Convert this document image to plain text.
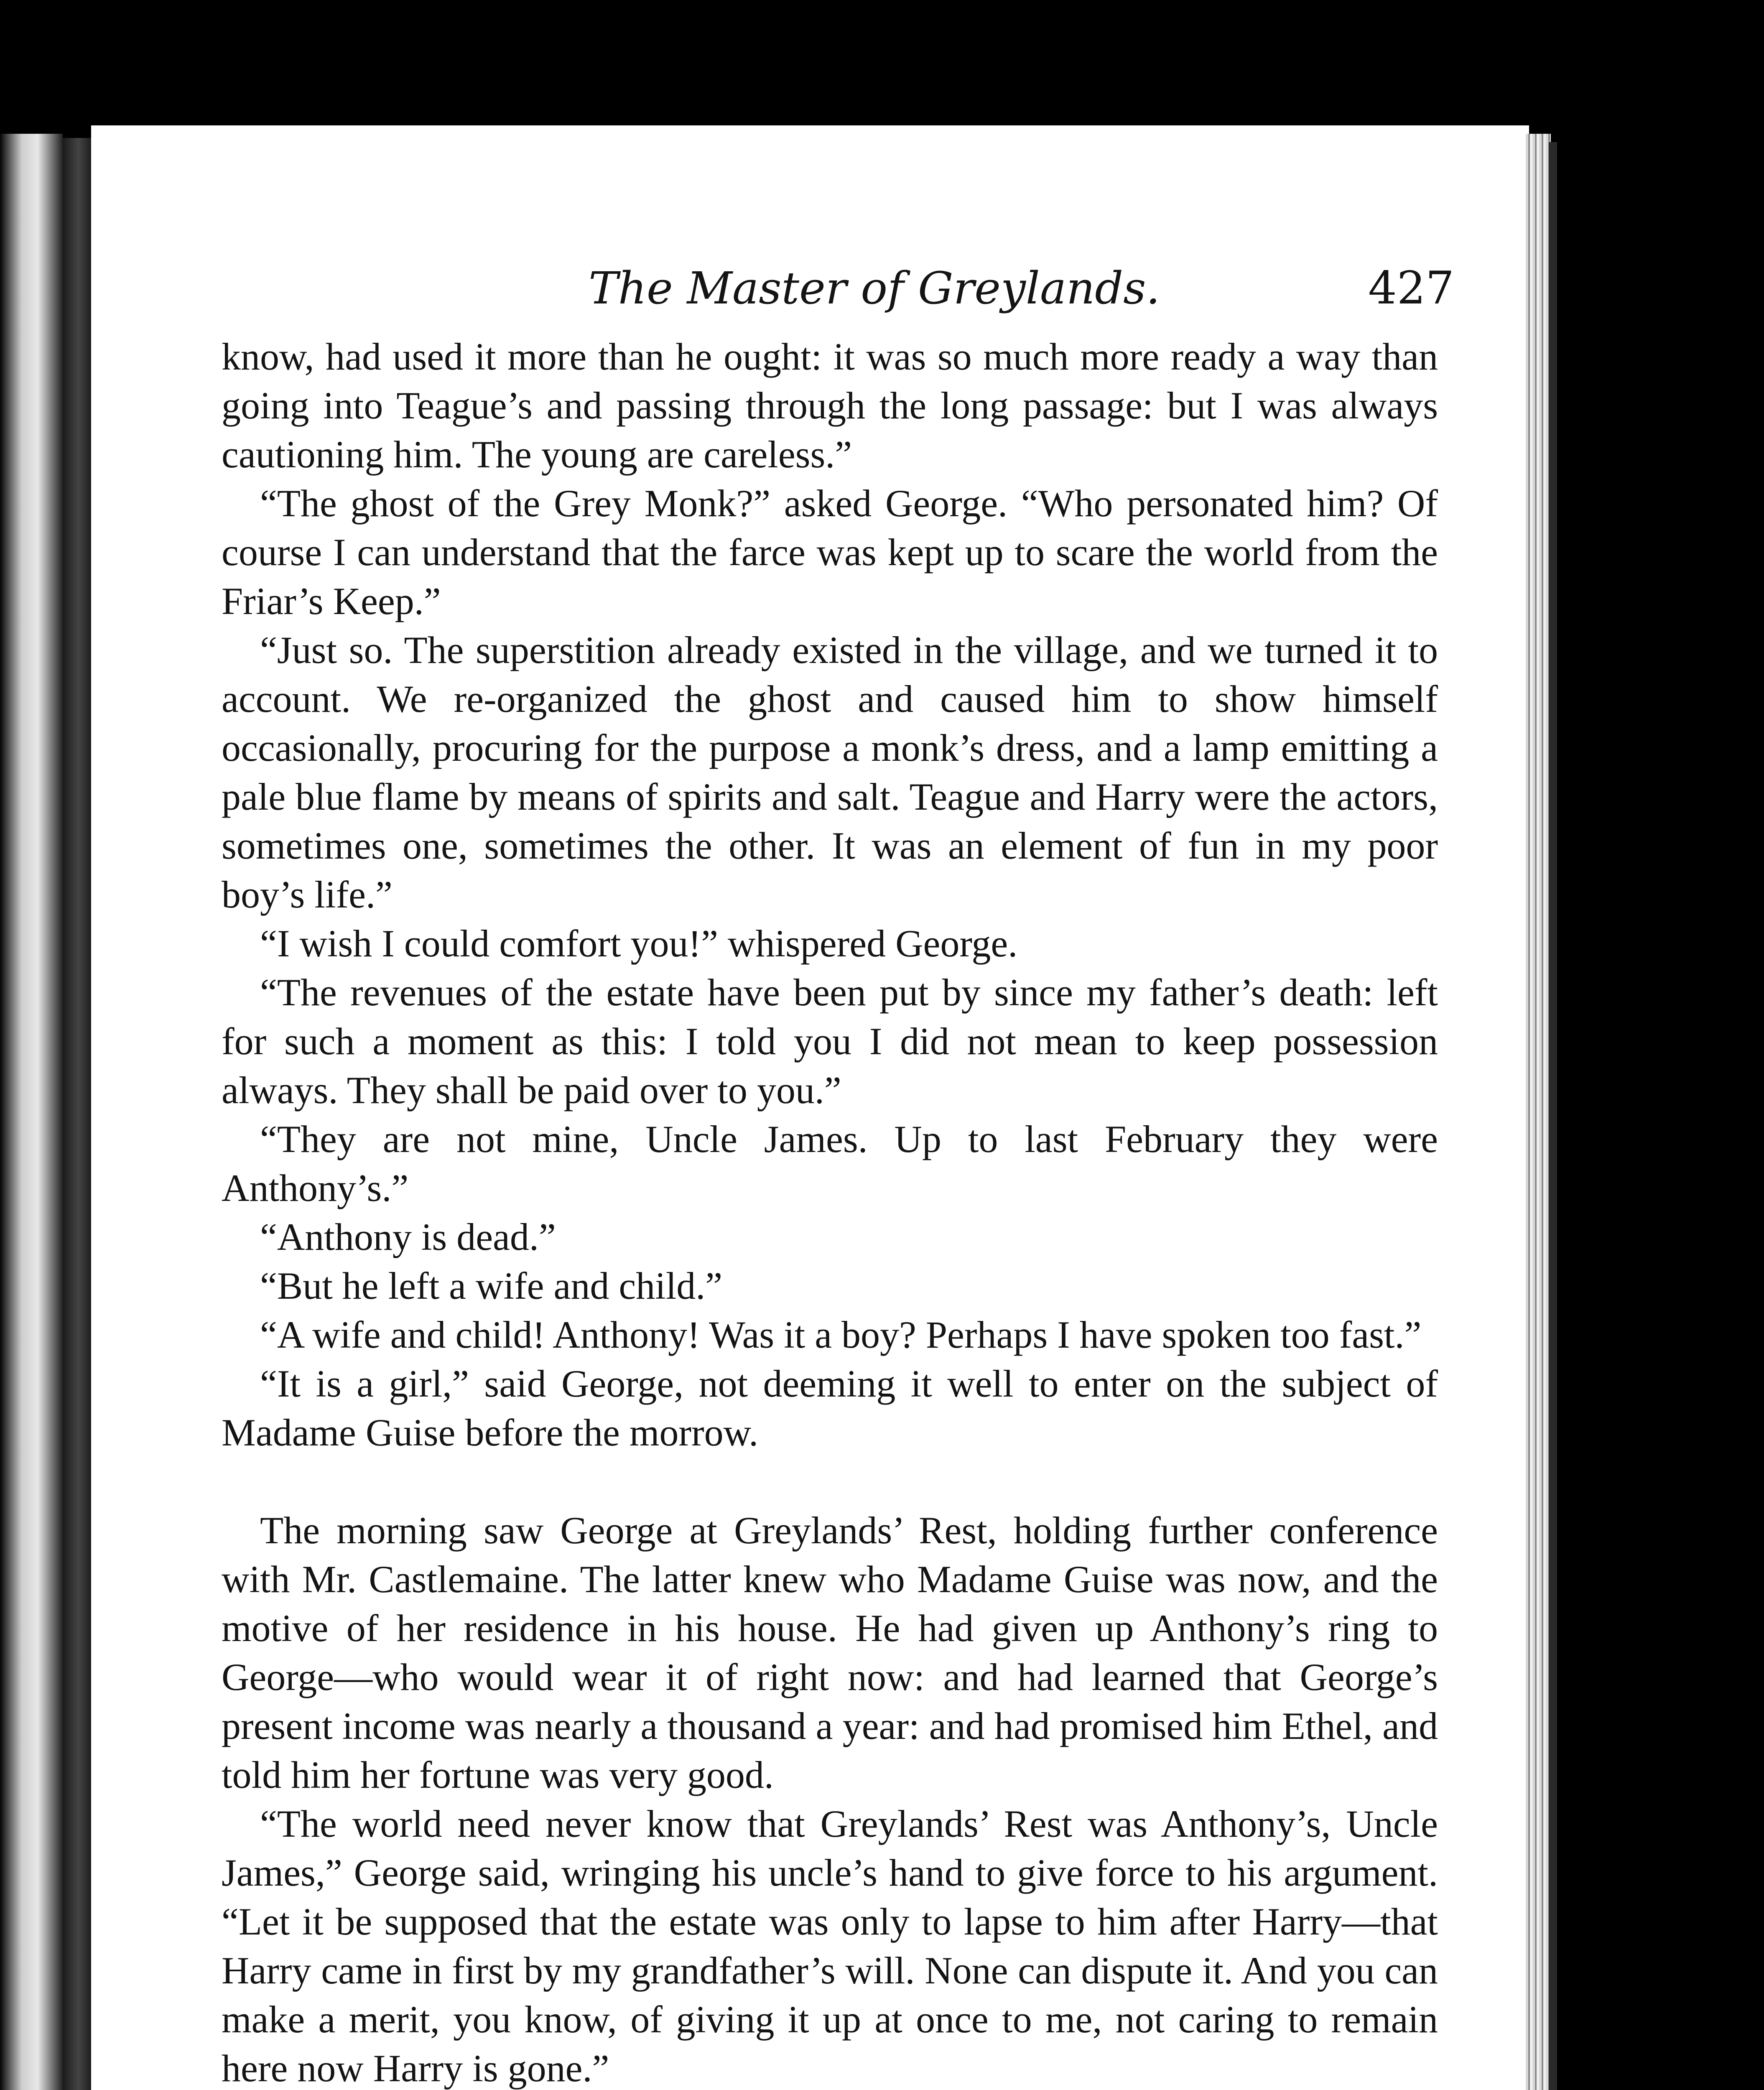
The Master of Greylands.	427

know, had used it more than he ought: it was so much more ready a way than going into Teague’s and passing through the long passage: but I was always cautioning him. The young are careless.”

“The ghost of the Grey Monk?” asked George. “Who personated him? Of course I can understand that the farce was kept up to scare the world from the Friar’s Keep.”

“Just so. The superstition already existed in the village, and we turned it to account. We re-organized the ghost and caused him to show himself occasionally, procuring for the purpose a monk’s dress, and a lamp emitting a pale blue flame by means of spirits and salt. Teague and Harry were the actors, sometimes one, sometimes the other. It was an element of fun in my poor boy’s life.”

“I wish I could comfort you!” whispered George.

“The revenues of the estate have been put by since my father’s death: left for such a moment as this: I told you I did not mean to keep possession always. They shall be paid over to you.”

“They are not mine, Uncle James. Up to last February they were Anthony’s.”

“Anthony is dead.”

“But he left a wife and child.”

“A wife and child! Anthony! Was it a boy? Perhaps I have spoken too fast.”

“It is a girl,” said George, not deeming it well to enter on the subject of Madame Guise before the morrow.

The morning saw George at Greylands’ Rest, holding further conference with Mr. Castlemaine. The latter knew who Madame Guise was now, and the motive of her residence in his house. He had given up Anthony’s ring to George—who would wear it of right now: and had learned that George’s present income was nearly a thousand a year: and had promised him Ethel, and told him her fortune was very good.

“The world need never know that Greylands’ Rest was Anthony’s, Uncle James,” George said, wringing his uncle’s hand to give force to his argument. “Let it be supposed that the estate was only to lapse to him after Harry—that Harry came in first by my grandfather’s will. None can dispute it. And you can make a merit, you know, of giving it up at once to me, not caring to remain here now Harry is gone.”
